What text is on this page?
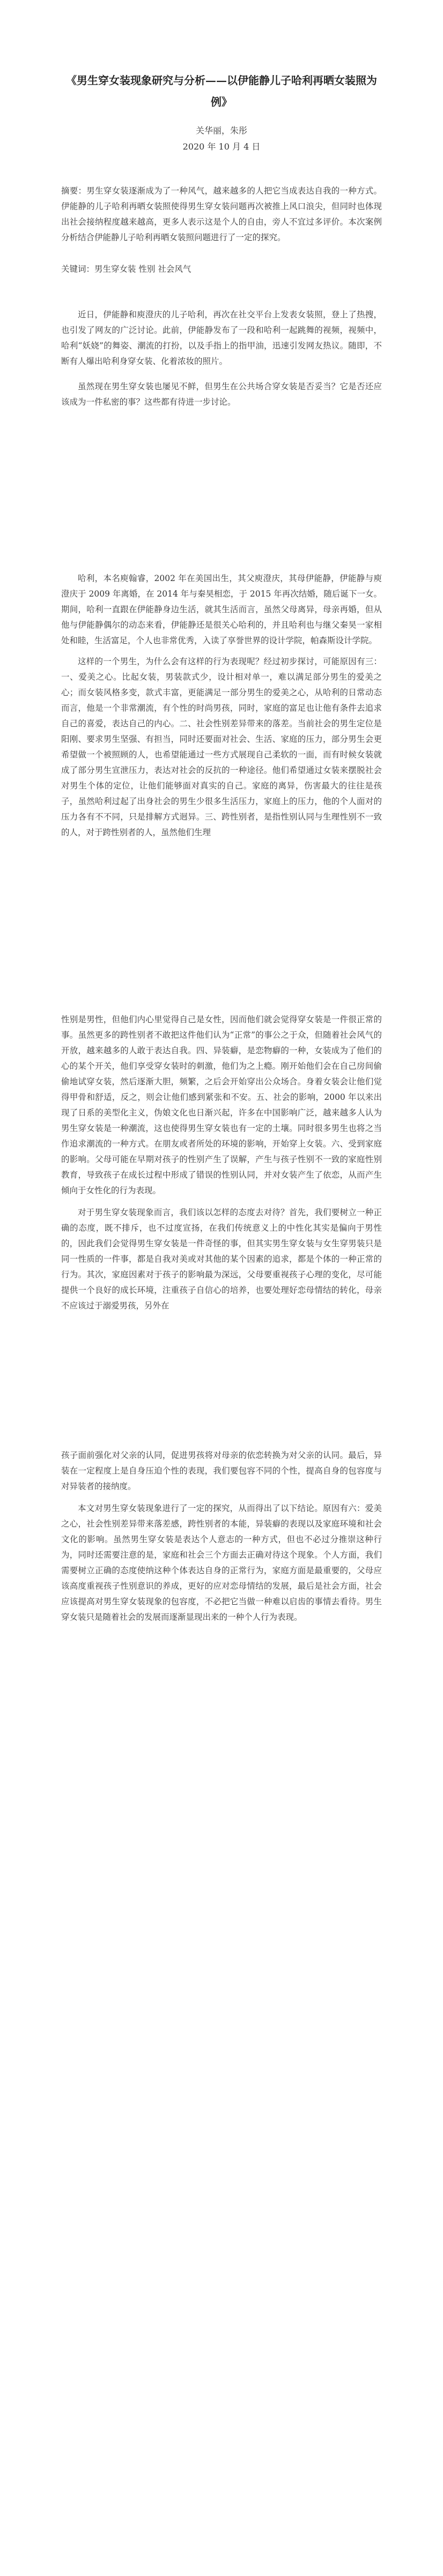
《男生穿女装现象研究与分析——以伊能静儿子哈利再晒女装照为例》
关华丽，朱彤
2020 年 10 月 4 日
摘要：男生穿女装逐渐成为了一种风气，越来越多的人把它当成表达自我的一种方式。伊能静的儿子哈利再晒女装照使得男生穿女装问题再次被推上风口浪尖，但同时也体现出社会接纳程度越来越高，更多人表示这是个人的自由，旁人不宜过多评价。本次案例分析结合伊能静儿子哈利再晒女装照问题进行了一定的探究。
关键词：男生穿女装 性别 社会风气

近日，伊能静和庾澄庆的儿子哈利，再次在社交平台上发表女装照，登上了热搜，也引发了网友的广泛讨论。此前，伊能静发布了一段和哈利一起跳舞的视频，视频中，哈利“妖娆”的舞姿、潮流的打扮，以及手指上的指甲油，迅速引发网友热议。随即，不断有人爆出哈利身穿女装、化着浓妆的照片。

虽然现在男生穿女装也屡见不鲜，但男生在公共场合穿女装是否妥当？它是否还应该成为一件私密的事？这些都有待进一步讨论。

哈利，本名庾翰睿，2002 年在美国出生，其父庾澄庆，其母伊能静，伊能静与庾澄庆于 2009 年离婚，在 2014 年与秦昊相恋，于 2015 年再次结婚，随后诞下一女。期间，哈利一直跟在伊能静身边生活，就其生活而言，虽然父母离异，母亲再婚，但从他与伊能静偶尔的动态来看，伊能静还是很关心哈利的，并且哈利也与继父秦昊一家相处和睦，生活富足，个人也非常优秀，入读了享誉世界的设计学院，帕森斯设计学院。

这样的一个男生，为什么会有这样的行为表现呢？经过初步探讨，可能原因有三：一、爱美之心。比起女装，男装款式少，设计相对单一，难以满足部分男生的爱美之心；而女装风格多变，款式丰富，更能满足一部分男生的爱美之心，从哈利的日常动态而言，他是一个非常潮流，有个性的时尚男孩，同时，家庭的富足也让他有条件去追求自己的喜爱，表达自己的内心。二、社会性别差异带来的落差。当前社会的男生定位是阳刚、要求男生坚强、有担当，同时还要面对社会、生活、家庭的压力，部分男生会更希望做一个被照顾的人，也希望能通过一些方式展现自己柔软的一面，而有时候女装就成了部分男生宣泄压力，表达对社会的反抗的一种途径。他们希望通过女装来摆脱社会对男生个体的定位，让他们能够面对真实的自己。家庭的离异，伤害最大的往往是孩子，虽然哈利过起了出身社会的男生少很多生活压力，家庭上的压力，他的个人面对的压力各有不不同，只是排解方式迥异。三、跨性别者，是指性别认同与生理性别不一致的人，对于跨性别者的人，虽然他们生理

性别是男性，但他们内心里觉得自己是女性，因而他们就会觉得穿女装是一件很正常的事。虽然更多的跨性别者不敢把这件他们认为“正常”的事公之于众，但随着社会风气的开放，越来越多的人敢于表达自我。四、异装癖，是恋物癖的一种，女装成为了他们的心的某个开关，他们享受穿女装时的刺激，他们为之上瘾。刚开始他们会在自己房间偷偷地试穿女装，然后逐渐大胆，频繁，之后会开始穿出公众场合。身着女装会让他们觉得甲骨和舒适，反之，则会让他们感到紧张和不安。五、社会的影响，2000 年以来出现了日系的美型化主义，伪娘文化也日渐兴起，许多在中国影响广泛，越来越多人认为男生穿女装是一种潮流，这也使得男生穿女装也有一定的土壤。同时很多男生也将之当作追求潮流的一种方式。在朋友或者所处的环境的影响，开始穿上女装。六、受到家庭的影响。父母可能在早期对孩子的性别产生了误解，产生与孩子性别不一致的家庭性别教育，导致孩子在成长过程中形成了错误的性别认同，并对女装产生了依恋，从而产生倾向于女性化的行为表现。

对于男生穿女装现象而言，我们该以怎样的态度去对待？首先，我们要树立一种正确的态度，既不排斥，也不过度宣扬，在我们传统意义上的中性化其实是偏向于男性的，因此我们会觉得男生穿女装是一件奇怪的事，但其实男生穿女装与女生穿男装只是同一性质的一件事，都是自我对美或对其他的某个因素的追求，都是个体的一种正常的行为。其次，家庭因素对于孩子的影响最为深远，父母要重视孩子心理的变化，尽可能提供一个良好的成长环境，注重孩子自信心的培养，也要处理好恋母情结的转化，母亲不应该过于溺爱男孩，另外在

孩子面前强化对父亲的认同，促进男孩将对母亲的依恋转换为对父亲的认同。最后，异装在一定程度上是自身压迫个性的表现，我们要包容不同的个性，提高自身的包容度与对异装者的接纳度。

本文对男生穿女装现象进行了一定的探究，从而得出了以下结论。原因有六：爱美之心，社会性别差异带来落差感，跨性别者的本能，异装癖的表现以及家庭环境和社会文化的影响。虽然男生穿女装是表达个人意志的一种方式，但也不必过分推崇这种行为，同时还需要注意的是，家庭和社会三个方面去正确对待这个现象。个人方面，我们需要树立正确的态度使纳这种个体表达自身的正常行为，家庭方面是最重要的，父母应该高度重视孩子性别意识的养成，更好的应对恋母情结的发展，最后是社会方面，社会应该提高对男生穿女装现象的包容度，不必把它当做一种难以启齿的事情去看待。男生穿女装只是随着社会的发展而逐渐显现出来的一种个人行为表现。
